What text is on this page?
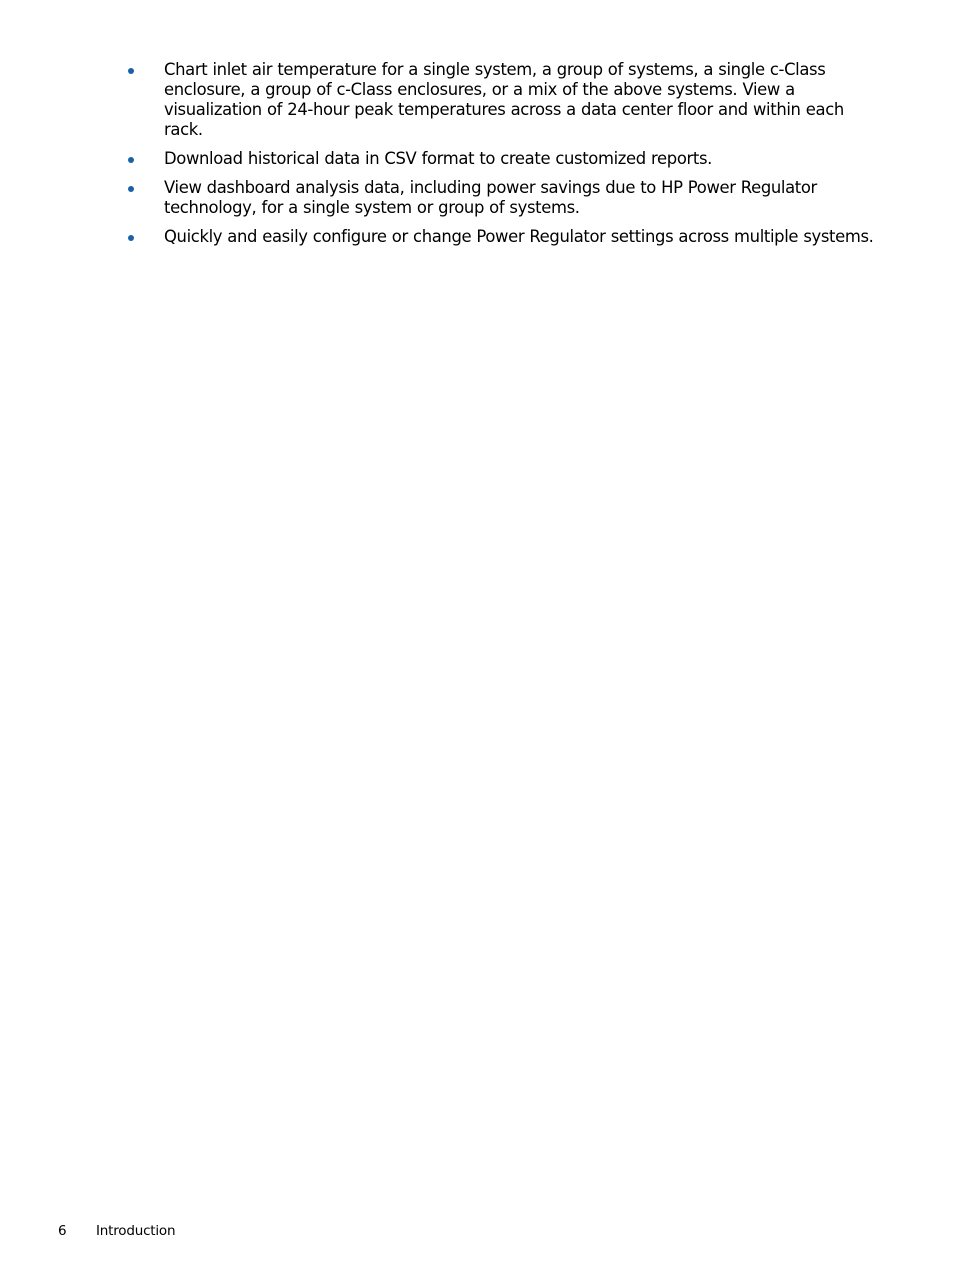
Chart inlet air temperature for a single system, a group of systems, a single c-Class enclosure, a group of c-Class enclosures, or a mix of the above systems. View a visualization of 24-hour peak temperatures across a data center floor and within each rack.
Download historical data in CSV format to create customized reports.
View dashboard analysis data, including power savings due to HP Power Regulator technology, for a single system or group of systems.
Quickly and easily configure or change Power Regulator settings across multiple systems.
6 Introduction
